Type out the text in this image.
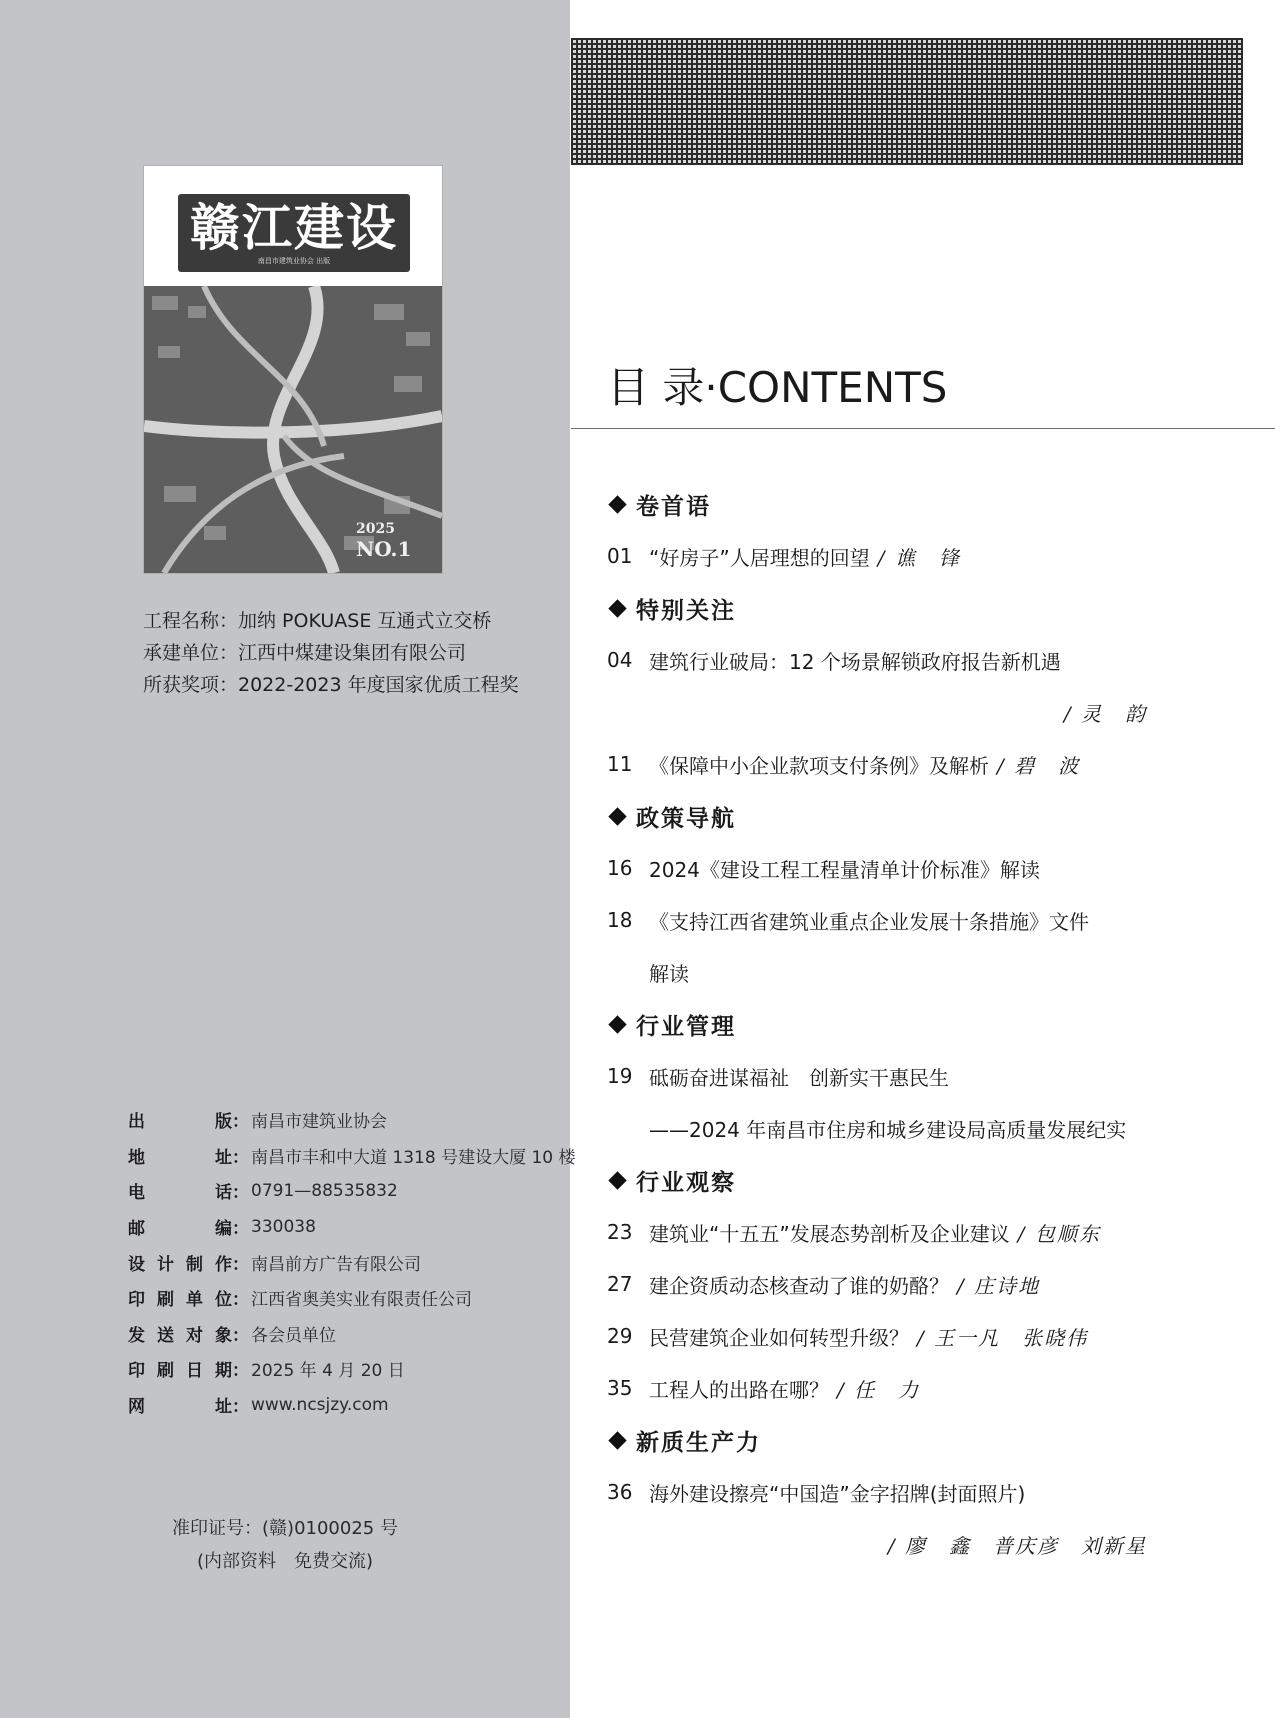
赣江建设
南昌市建筑业协会 出版
2025
NO.1
工程名称：加纳 POKUASE 互通式立交桥
承建单位：江西中煤建设集团有限公司
所获奖项：2022-2023 年度国家优质工程奖
出版 ： 南昌市建筑业协会
地址 ： 南昌市丰和中大道 1318 号建设大厦 10 楼
电话 ： 0791—88535832
邮编 ： 330038
设计制作 ： 南昌前方广告有限公司
印刷单位 ： 江西省奥美实业有限责任公司
发送对象 ： 各会员单位
印刷日期 ： 2025 年 4 月 20 日
网址 ： www.ncsjzy.com
准印证号：(赣)0100025 号
(内部资料　免费交流)
目 录·CONTENTS
卷首语
01 “好房子”人居理想的回望 / 谯　锋
特别关注
04 建筑行业破局：12 个场景解锁政府报告新机遇
/ 灵　韵
11 《保障中小企业款项支付条例》及解析 / 碧　波
政策导航
16 2024《建设工程工程量清单计价标准》解读
18 《支持江西省建筑业重点企业发展十条措施》文件
解读
行业管理
19 砥砺奋进谋福祉　创新实干惠民生
——2024 年南昌市住房和城乡建设局高质量发展纪实
行业观察
23 建筑业“十五五”发展态势剖析及企业建议 / 包顺东
27 建企资质动态核查动了谁的奶酪？ / 庄诗地
29 民营建筑企业如何转型升级？ / 王一凡　张晓伟
35 工程人的出路在哪？ / 任　力
新质生产力
36 海外建设擦亮“中国造”金字招牌(封面照片)
/ 廖　鑫　普庆彦　刘新星
